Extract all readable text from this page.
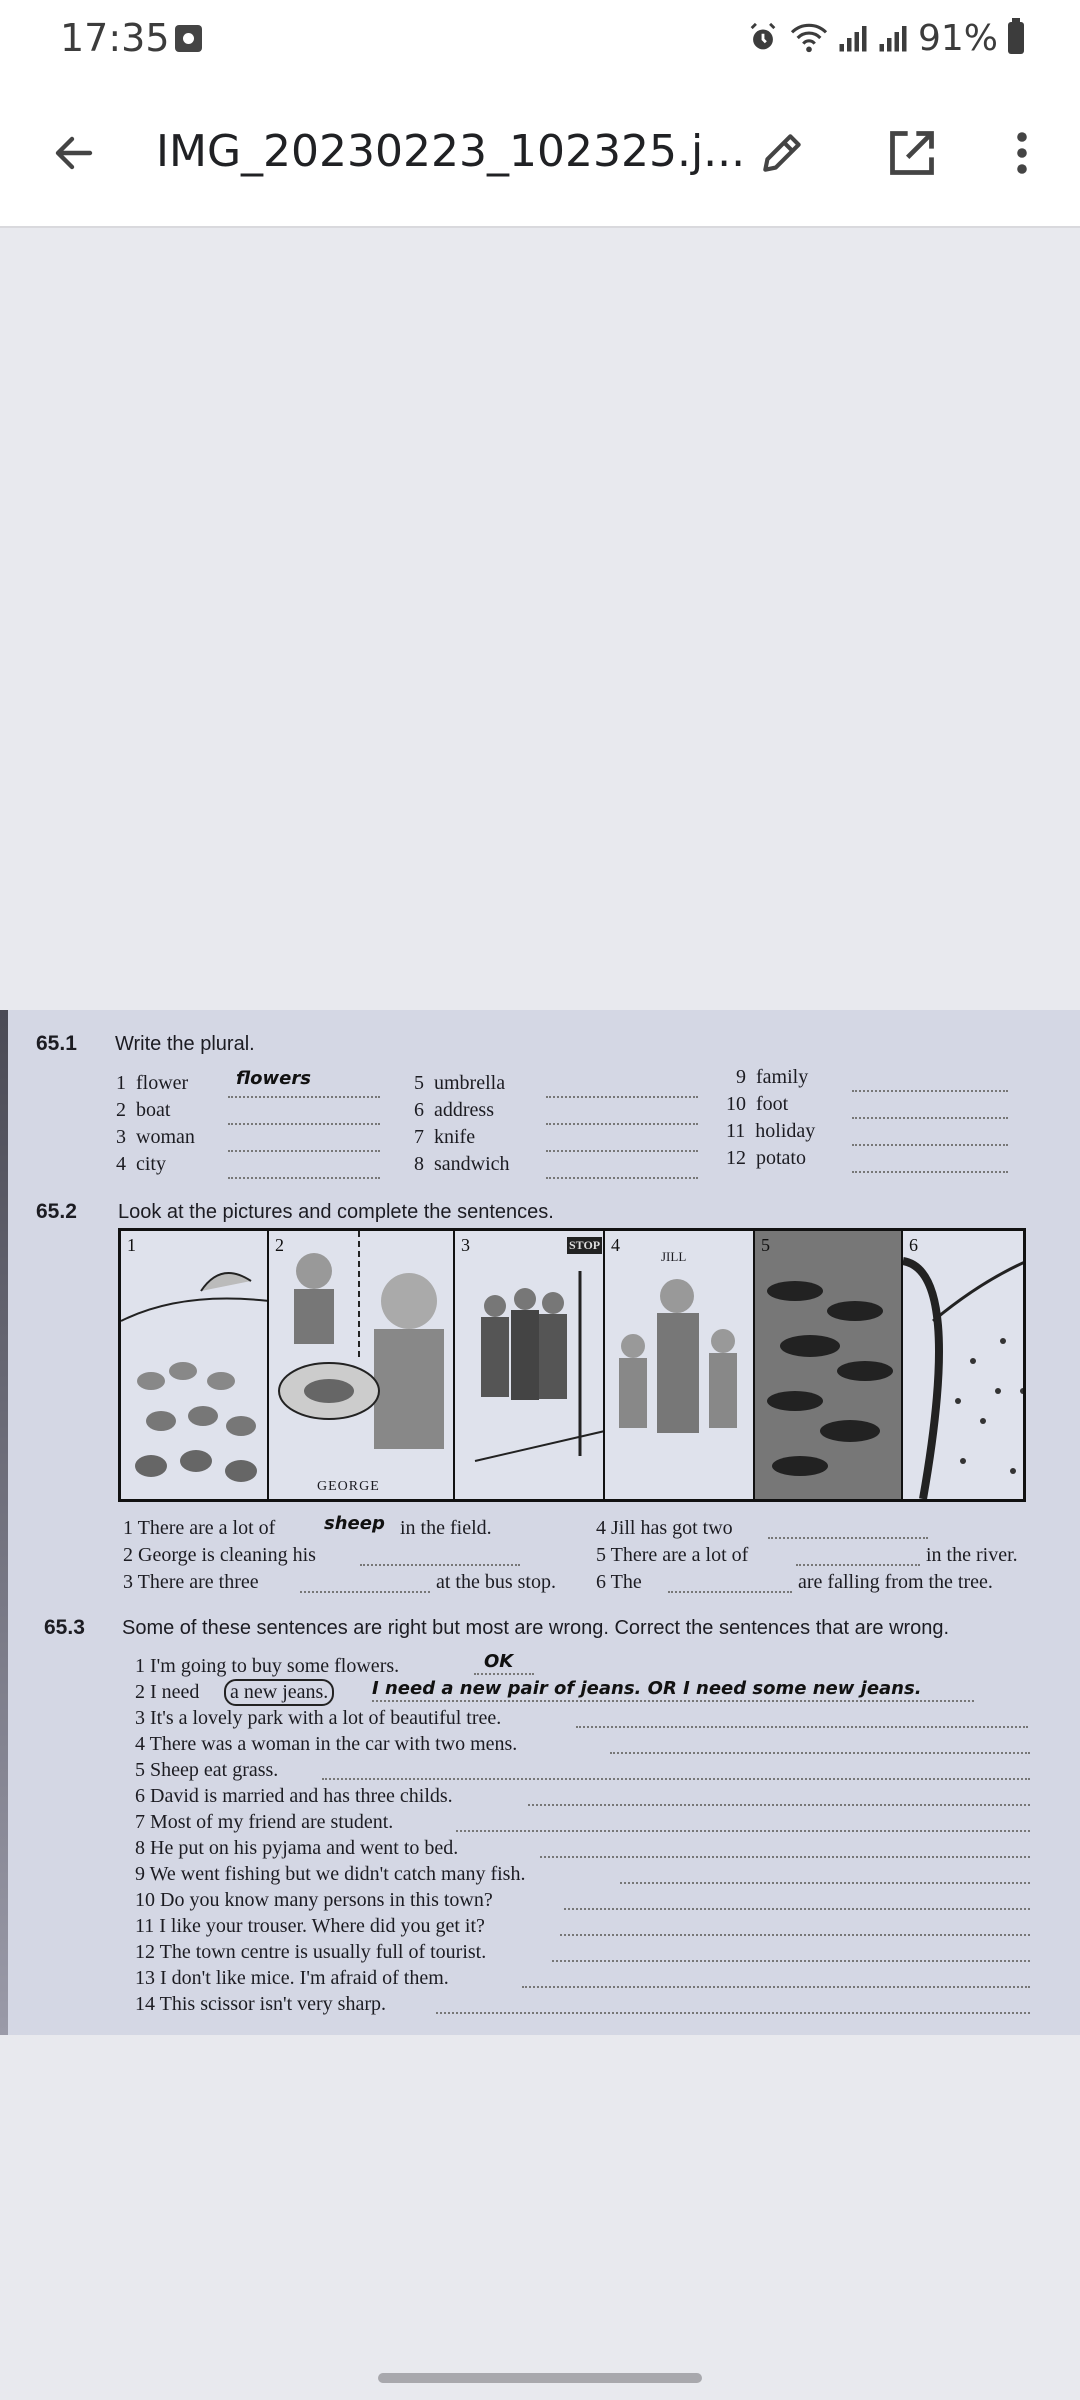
17:35	91%
IMG_20230223_102325.j...
65.1 Write the plural.
1 flower	flowers
2 boat
3 woman
4 city
5 umbrella
6 address
7 knife
8 sandwich
9 family
10 foot
11 holiday
12 potato
65.2 Look at the pictures and complete the sentences.
1	2
GEORGE
3	STOP 4
JILL
5	6
1 There are a lot of	sheep in the field.
2 George is cleaning his
3 There are three	at the bus stop.
4 Jill has got two
5 There are a lot of	in the river.
6 The	are falling from the tree.
65.3 Some of these sentences are right but most are wrong. Correct the sentences that are wrong.
1 I'm going to buy some flowers.	OK
2 I need	a new jeans.	I need a new pair of jeans. OR I need some new jeans.
3 It's a lovely park with a lot of beautiful tree.
4 There was a woman in the car with two mens.
5 Sheep eat grass.
6 David is married and has three childs.
7 Most of my friend are student.
8 He put on his pyjama and went to bed.
9 We went fishing but we didn't catch many fish.
10 Do you know many persons in this town?
11 I like your trouser. Where did you get it?
12 The town centre is usually full of tourist.
13 I don't like mice. I'm afraid of them.
14 This scissor isn't very sharp.
